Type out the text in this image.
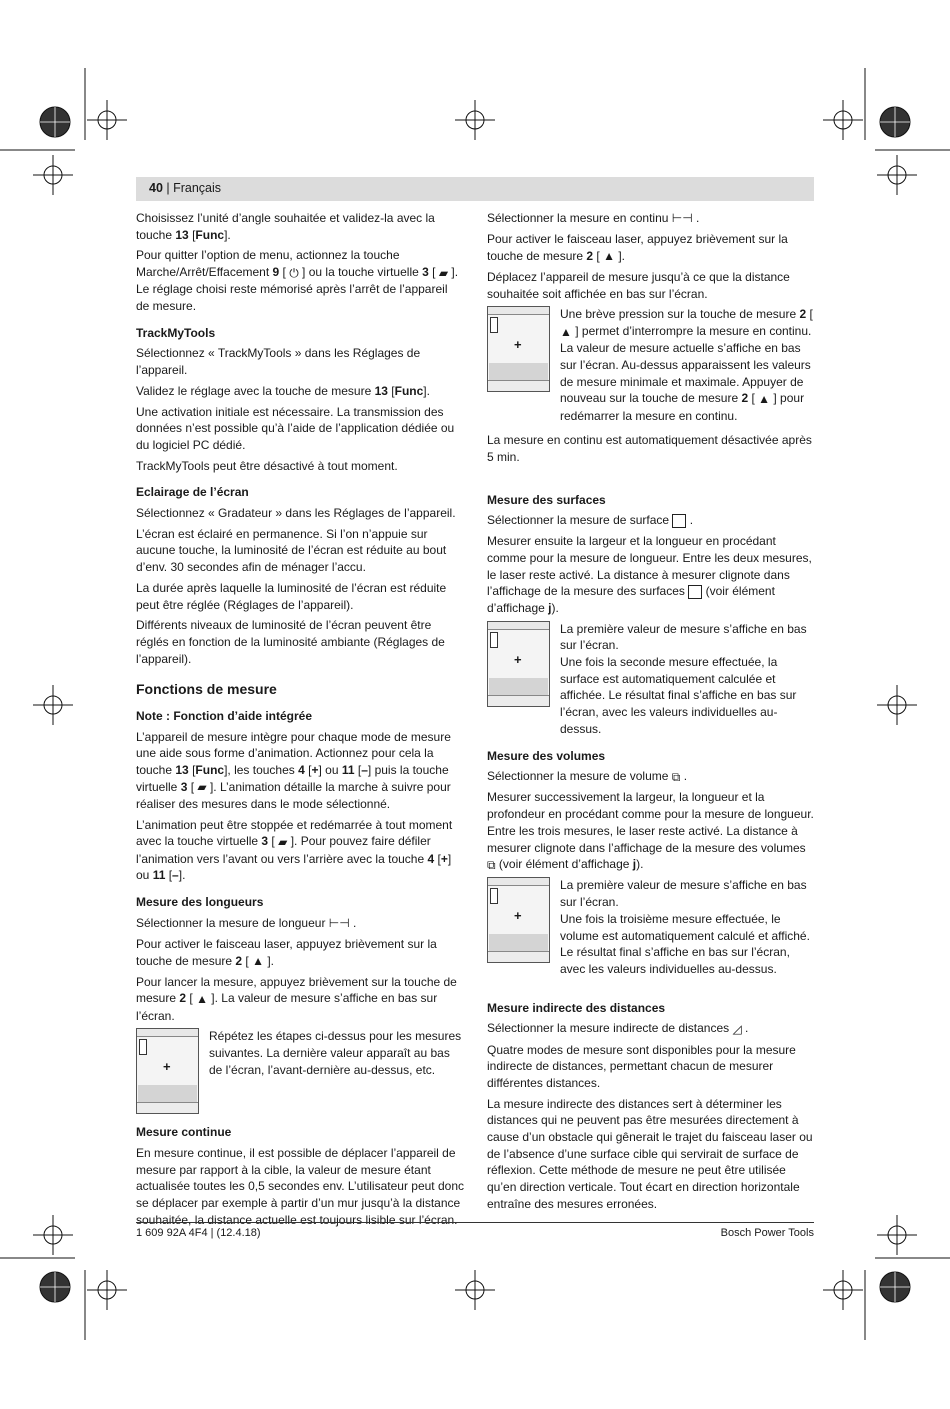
40 | Français

Choisissez l’unité d’angle souhaitée et validez-la avec la touche 13 [Func].

Pour quitter l’option de menu, actionnez la touche Marche/Arrêt/Effacement 9 [ ⏻ ] ou la touche virtuelle 3 [ ▰ ]. Le réglage choisi reste mémorisé après l’arrêt de l’appareil de mesure.

TrackMyTools

Sélectionnez « TrackMyTools » dans les Réglages de l’appareil.

Validez le réglage avec la touche de mesure 13 [Func].

Une activation initiale est nécessaire. La transmission des données n’est possible qu’à l’aide de l’application dédiée ou du logiciel PC dédié.

TrackMyTools peut être désactivé à tout moment.

Eclairage de l’écran

Sélectionnez « Gradateur » dans les Réglages de l’appareil.

L’écran est éclairé en permanence. Si l’on n’appuie sur aucune touche, la luminosité de l’écran est réduite au bout d’env. 30 secondes afin de ménager l’accu.

La durée après laquelle la luminosité de l’écran est réduite peut être réglée (Réglages de l’appareil).

Différents niveaux de luminosité de l’écran peuvent être réglés en fonction de la luminosité ambiante (Réglages de l’appareil).

Fonctions de mesure
Note : Fonction d’aide intégrée

L’appareil de mesure intègre pour chaque mode de mesure une aide sous forme d’animation. Actionnez pour cela la touche 13 [Func], les touches 4 [+] ou 11 [–] puis la touche virtuelle 3 [ ▰ ]. L’animation détaille la marche à suivre pour réaliser des mesures dans le mode sélectionné.

L’animation peut être stoppée et redémarrée à tout moment avec la touche virtuelle 3 [ ▰ ]. Pour pouvez faire défiler l’animation vers l’avant ou vers l’arrière avec la touche 4 [+] ou 11 [–].

Mesure des longueurs

Sélectionner la mesure de longueur ⊢⊣ .

Pour activer le faisceau laser, appuyez brièvement sur la touche de mesure 2 [ ▲ ].

Pour lancer la mesure, appuyez brièvement sur la touche de mesure 2 [ ▲ ]. La valeur de mesure s’affiche en bas sur l’écran.

+
Répétez les étapes ci-dessus pour les mesures suivantes. La dernière valeur apparaît au bas de l’écran, l’avant-dernière au-dessus, etc.
Mesure continue

En mesure continue, il est possible de déplacer l’appareil de mesure par rapport à la cible, la valeur de mesure étant actualisée toutes les 0,5 secondes env. L’utilisateur peut donc se déplacer par exemple à partir d’un mur jusqu’à la distance souhaitée, la distance actuelle est toujours lisible sur l’écran.

Sélectionner la mesure en continu ⊢⊣ .

Pour activer le faisceau laser, appuyez brièvement sur la touche de mesure 2 [ ▲ ].

Déplacez l’appareil de mesure jusqu’à ce que la distance souhaitée soit affichée en bas sur l’écran.

+
Une brève pression sur la touche de mesure 2 [ ▲ ] permet d’interrompre la mesure en continu. La valeur de mesure actuelle s’affiche en bas sur l’écran. Au-dessus apparaissent les valeurs de mesure minimale et maximale. Appuyer de nouveau sur la touche de mesure 2 [ ▲ ] pour redémarrer la mesure en continu.

La mesure en continu est automatiquement désactivée après 5 min.

Mesure des surfaces

Sélectionner la mesure de surface  .

Mesurer ensuite la largeur et la longueur en procédant comme pour la mesure de longueur. Entre les deux mesures, le laser reste activé. La distance à mesurer clignote dans l’affichage de la mesure des surfaces (voir élément d’affichage j).

+
La première valeur de mesure s’affiche en bas sur l’écran.
Une fois la seconde mesure effectuée, la surface est automatiquement calculée et affichée. Le résultat final s’affiche en bas sur l’écran, avec les valeurs individuelles au-dessus.
Mesure des volumes

Sélectionner la mesure de volume ⧉ .

Mesurer successivement la largeur, la longueur et la profondeur en procédant comme pour la mesure de longueur. Entre les trois mesures, le laser reste activé. La distance à mesurer clignote dans l’affichage de la mesure des volumes ⧉ (voir élément d’affichage j).

+
La première valeur de mesure s’affiche en bas sur l’écran.
Une fois la troisième mesure effectuée, le volume est automatiquement calculé et affiché. Le résultat final s’affiche en bas sur l’écran, avec les valeurs individuelles au-dessus.
Mesure indirecte des distances

Sélectionner la mesure indirecte de distances ◿ .

Quatre modes de mesure sont disponibles pour la mesure indirecte de distances, permettant chacun de mesurer différentes distances.

La mesure indirecte des distances sert à déterminer les distances qui ne peuvent pas être mesurées directement à cause d’un obstacle qui gênerait le trajet du faisceau laser ou de l’absence d’une surface cible qui servirait de surface de réflexion. Cette méthode de mesure ne peut être utilisée qu’en direction verticale. Tout écart en direction horizontale entraîne des mesures erronées.

1 609 92A 4F4 | (12.4.18)	Bosch Power Tools
